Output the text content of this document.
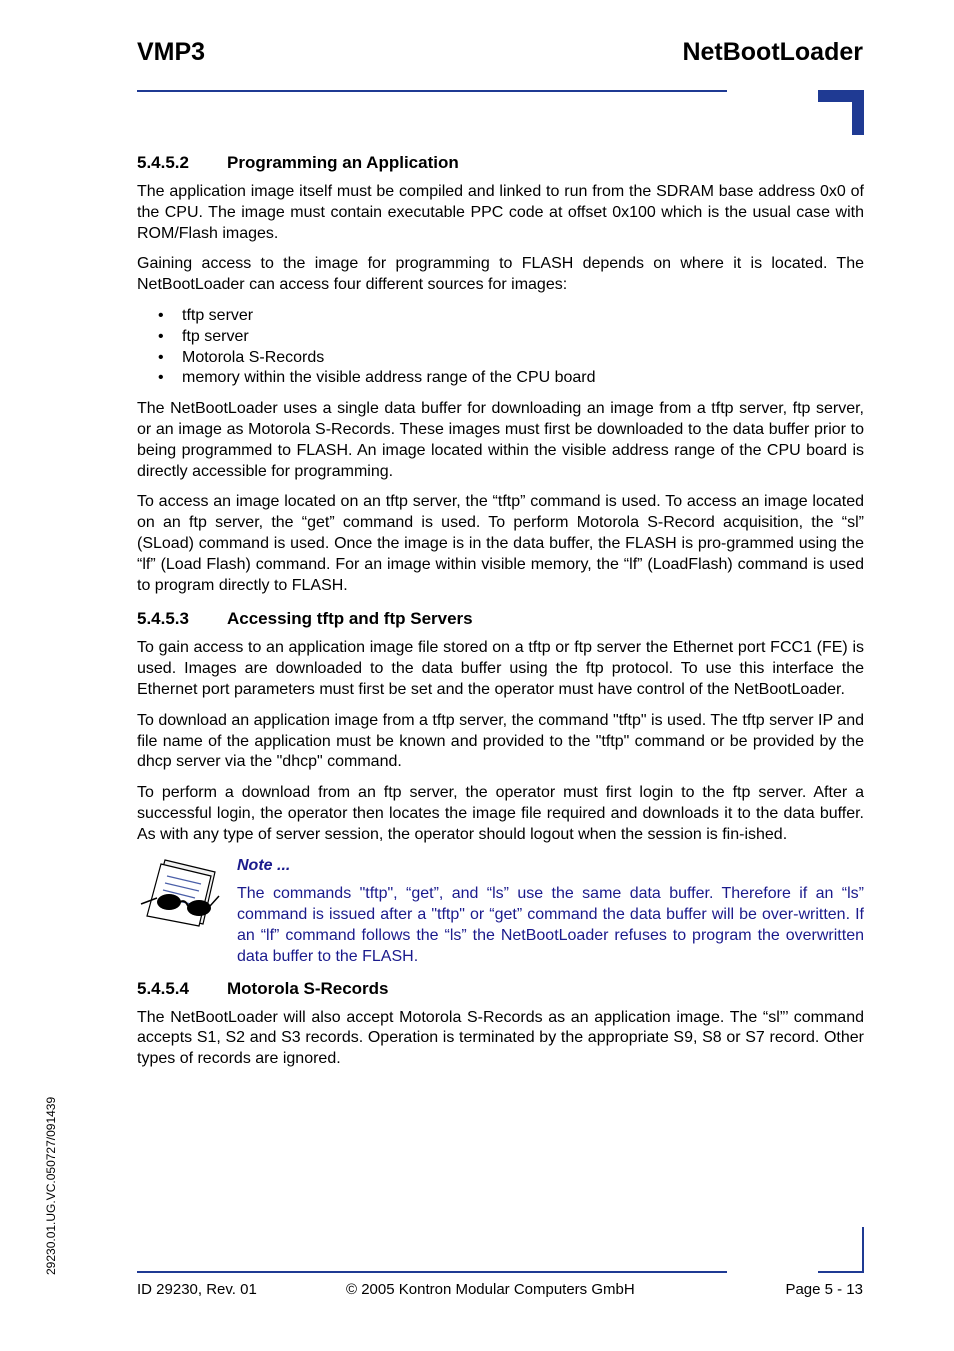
VMP3	NetBootLoader
5.4.5.2	Programming an Application

The application image itself must be compiled and linked to run from the SDRAM base address 0x0 of the CPU. The image must contain executable PPC code at offset 0x100 which is the usual case with ROM/Flash images.

Gaining access to the image for programming to FLASH depends on where it is located. The NetBootLoader can access four different sources for images:

• tftp server
• ftp server
• Motorola S-Records
• memory within the visible address range of the CPU board

The NetBootLoader uses a single data buffer for downloading an image from a tftp server, ftp server, or an image as Motorola S-Records. These images must first be downloaded to the data buffer prior to being programmed to FLASH. An image located within the visible address range of the CPU board is directly accessible for programming.

To access an image located on an tftp server, the “tftp” command is used. To access an image located on an ftp server, the “get” command is used. To perform Motorola S-Record acquisition, the “sl” (SLoad) command is used. Once the image is in the data buffer, the FLASH is pro-grammed using the “lf” (Load Flash) command. For an image within visible memory, the “lf” (LoadFlash) command is used to program directly to FLASH.

5.4.5.3	Accessing tftp and ftp Servers

To gain access to an application image file stored on a tftp or ftp server the Ethernet port FCC1 (FE) is used. Images are downloaded to the data buffer using the ftp protocol. To use this interface the Ethernet port parameters must first be set and the operator must have control of the NetBootLoader.

To download an application image from a tftp server, the command "tftp" is used. The tftp server IP and file name of the application must be known and provided to the "tftp" command or be provided by the dhcp server via the "dhcp" command.

To perform a download from an ftp server, the operator must first login to the ftp server. After a successful login, the operator then locates the image file required and downloads it to the data buffer. As with any type of server session, the operator should logout when the session is fin-ished.

Note ...
The commands "tftp", “get”, and “ls” use the same data buffer. Therefore if an “ls” command is issued after a "tftp" or “get” command the data buffer will be over-written. If an “lf” command follows the “ls” the NetBootLoader refuses to program the overwritten data buffer to the FLASH.
5.4.5.4	Motorola S-Records

The NetBootLoader will also accept Motorola S-Records as an application image. The “sl”’ command accepts S1, S2 and S3 records. Operation is terminated by the appropriate S9, S8 or S7 record. Other types of records are ignored.

29230.01.UG.VC.050727/091439
ID 29230, Rev. 01	© 2005 Kontron Modular Computers GmbH	Page 5 - 13
